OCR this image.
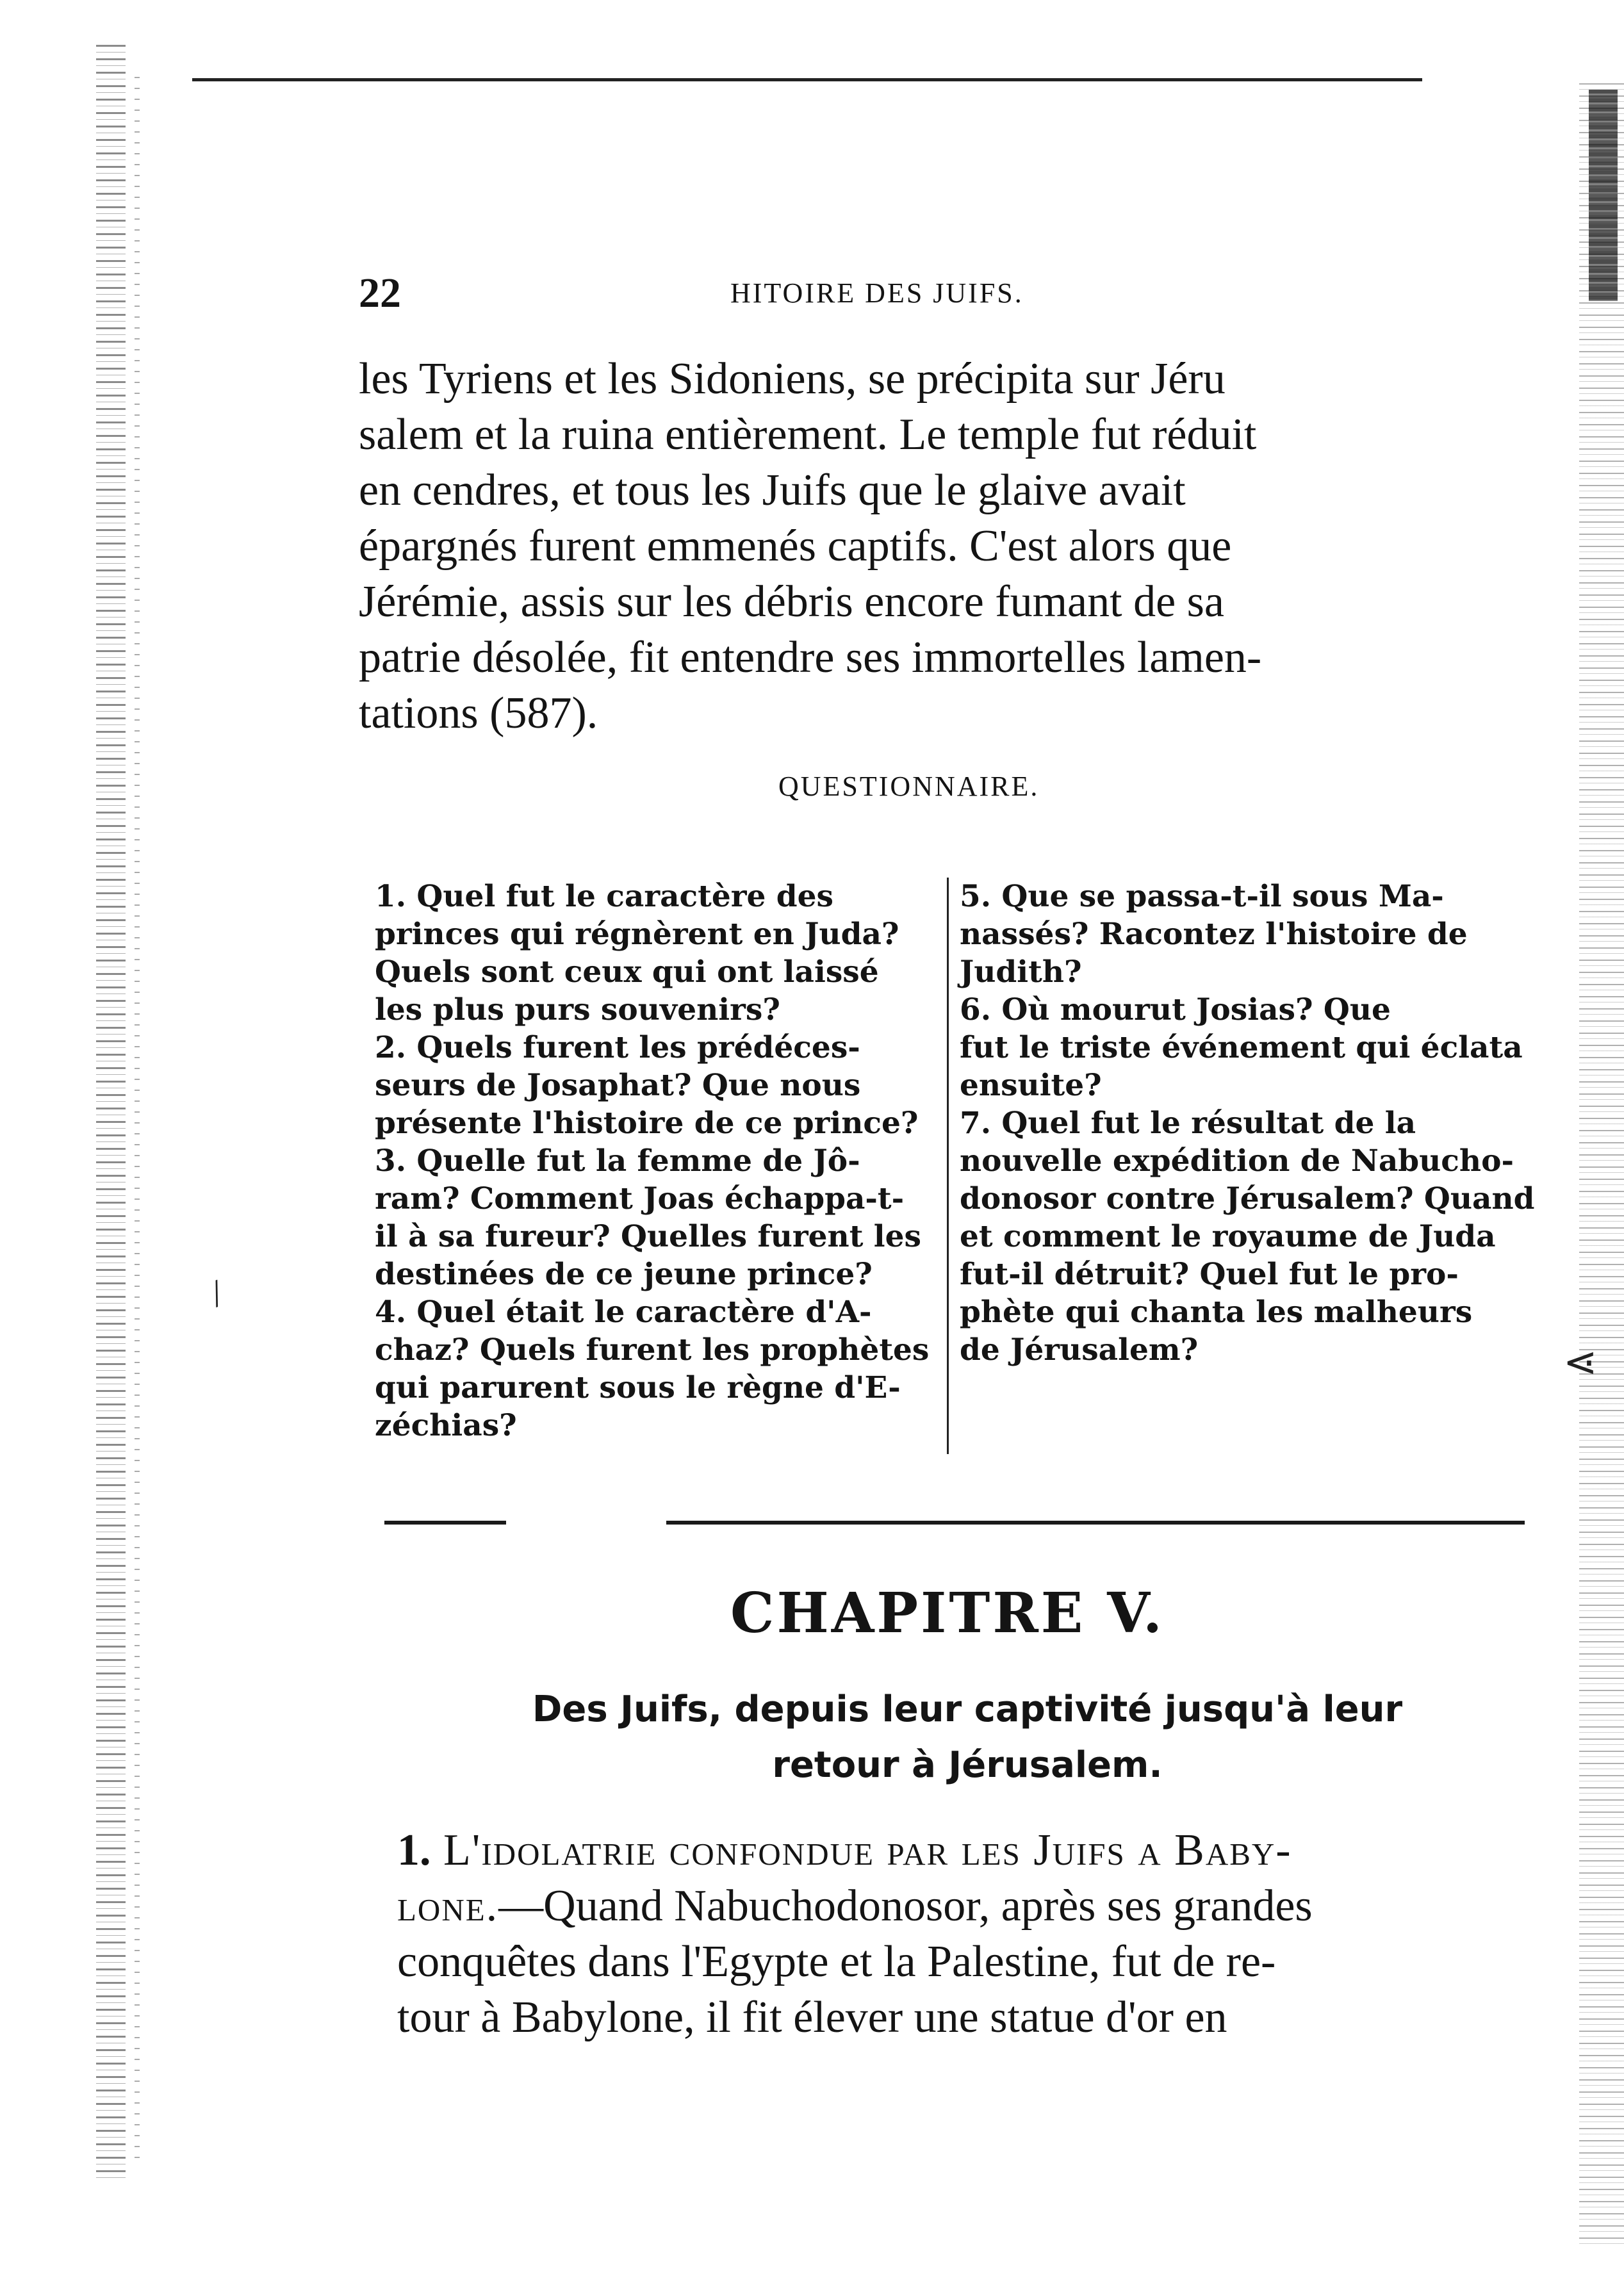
22	HITOIRE DES JUIFS.

les Tyriens et les Sidoniens, se précipita sur Jéru
salem et la ruina entièrement. Le temple fut réduit
en cendres, et tous les Juifs que le glaive avait
épargnés furent emmenés captifs. C'est alors que
Jérémie, assis sur les débris encore fumant de sa
patrie désolée, fit entendre ses immortelles lamen-
tations (587).

QUESTIONNAIRE.
1. Quel fut le caractère des
princes qui régnèrent en Juda?
Quels sont ceux qui ont laissé
les plus purs souvenirs?
2. Quels furent les prédéces-
seurs de Josaphat? Que nous
présente l'histoire de ce prince?
3. Quelle fut la femme de Jô-
ram? Comment Joas échappa-t-
il à sa fureur? Quelles furent les
destinées de ce jeune prince?
4. Quel était le caractère d'A-
chaz? Quels furent les prophètes
qui parurent sous le règne d'E-
zéchias?
5. Que se passa-t-il sous Ma-
nassés? Racontez l'histoire de
Judith?
6. Où mourut Josias? Que
fut le triste événement qui éclata
ensuite?
7. Quel fut le résultat de la
nouvelle expédition de Nabucho-
donosor contre Jérusalem? Quand
et comment le royaume de Juda
fut-il détruit? Quel fut le pro-
phète qui chanta les malheurs
de Jérusalem?
CHAPITRE V.

Des Juifs, depuis leur captivité jusqu'à leur
retour à Jérusalem.

1. L'idolatrie confondue par les Juifs a Baby-
lone.—Quand Nabuchodonosor, après ses grandes
conquêtes dans l'Egypte et la Palestine, fut de re-
tour à Babylone, il fit élever une statue d'or en

/
⋖
